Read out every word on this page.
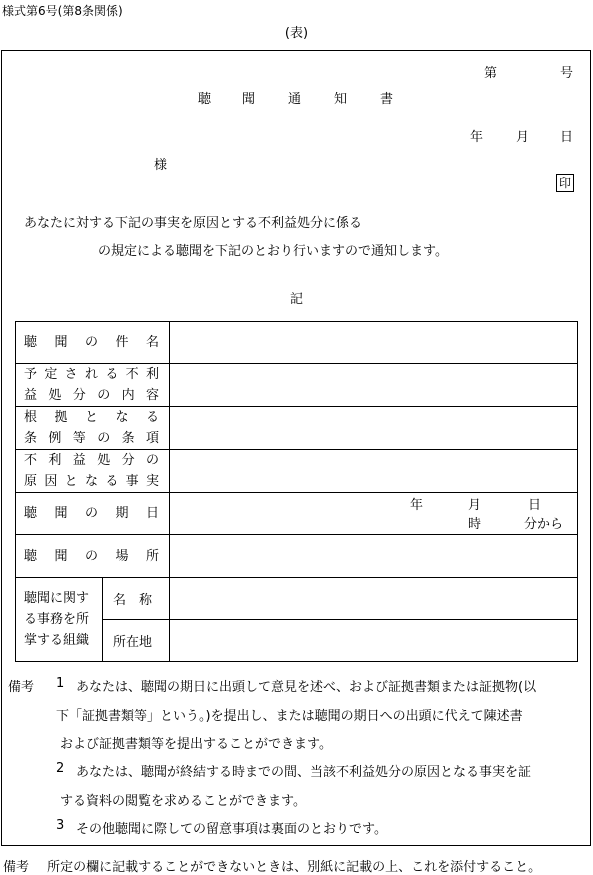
様式第6号(第8条関係)
(表)
第	号
聴 聞	通	知	書
年	月 日
様
印
あなたに対する下記の事実を原因とする不利益処分に係る
の規定による聴聞を下記のとおり行いますので通知します。
記
聴聞の件名		

予定される不利
益処分の内容		

根拠となる
条例等の条項		

不利益処分の
原因となる事実		

聴聞の期日		年 月 日
時 分から

聴聞の場所		

聴聞に関す
る事務を所
掌する組織	名　称	
	所在地	
備考 1 あなたは、聴聞の期日に出頭して意見を述べ、および証拠書類または証拠物(以
下「証拠書類等」という。)を提出し、または聴聞の期日への出頭に代えて陳述書
および証拠書類等を提出することができます。
2 あなたは、聴聞が終結する時までの間、当該不利益処分の原因となる事実を証
する資料の閲覧を求めることができます。
3 その他聴聞に際しての留意事項は裏面のとおりです。
備考 所定の欄に記載することができないときは、別紙に記載の上、これを添付すること。
